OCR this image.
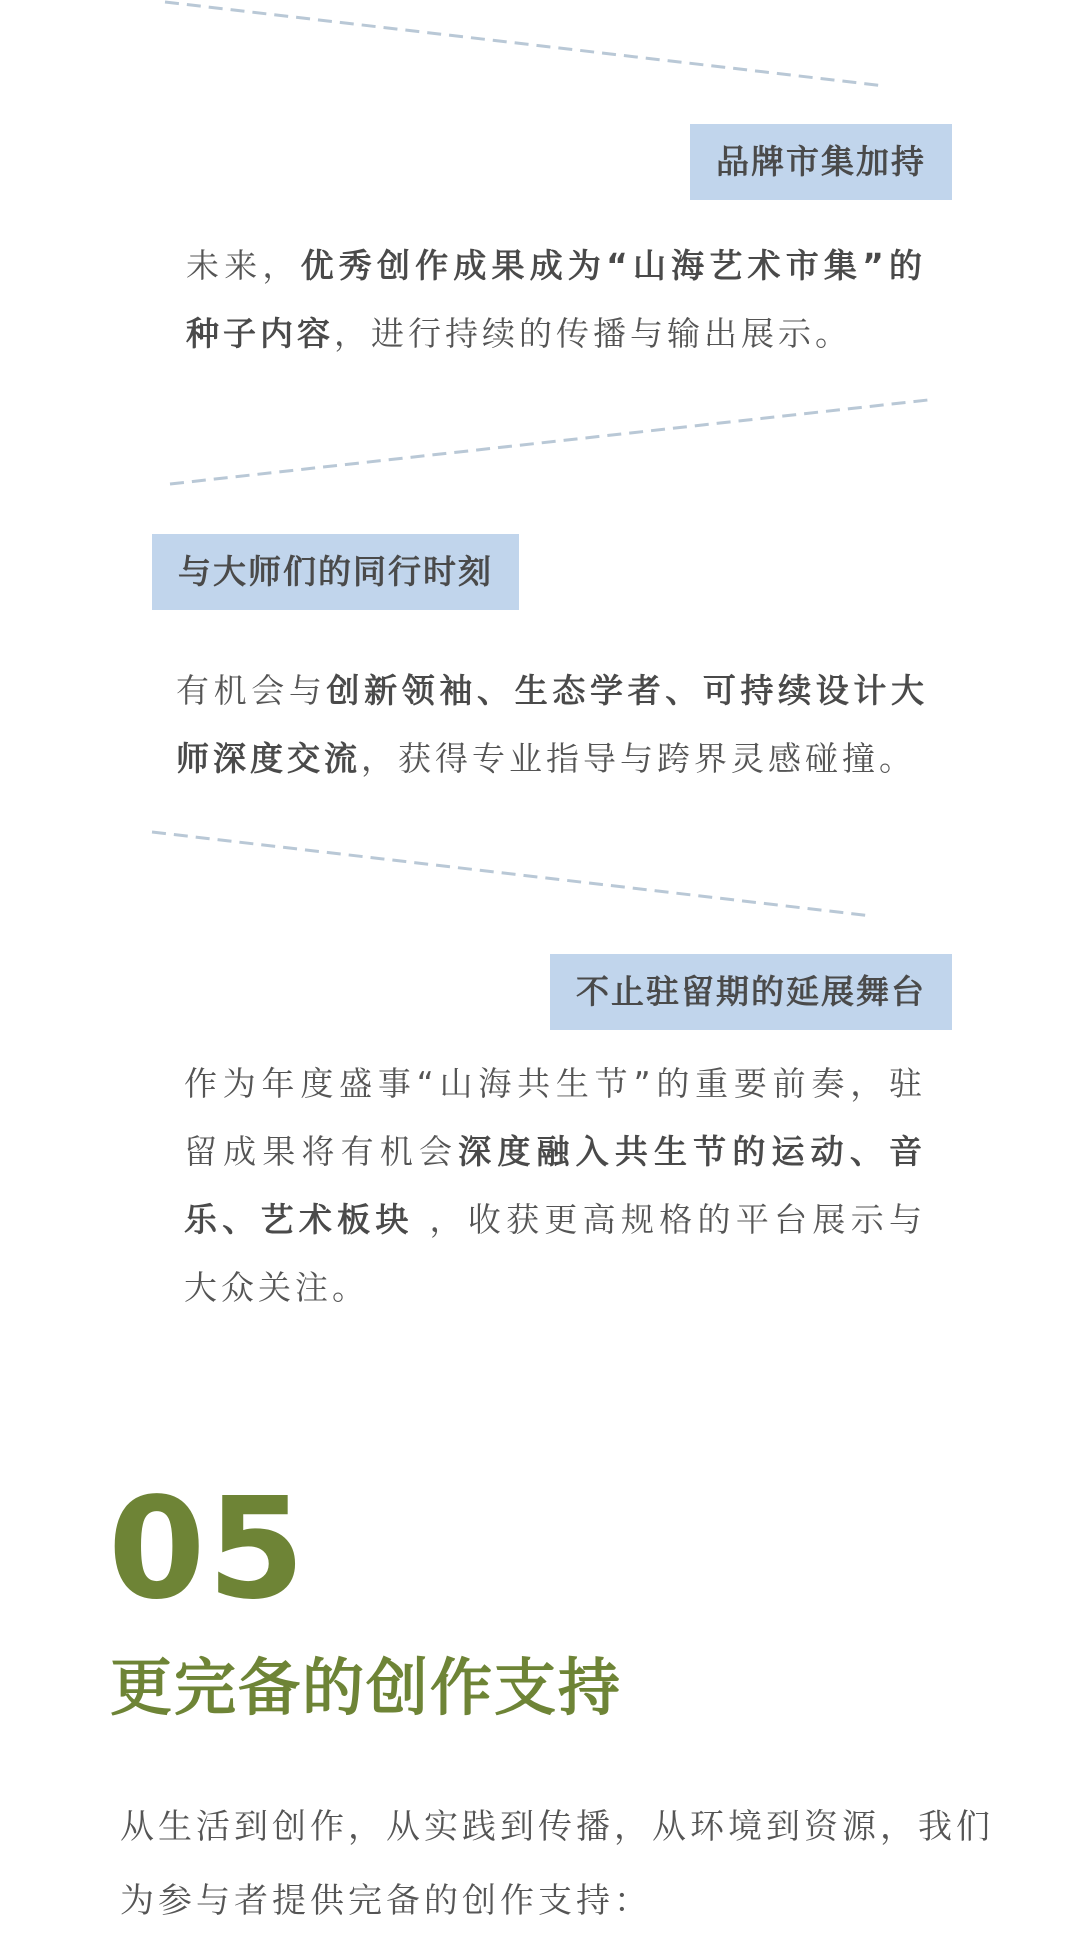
品牌市集加持
未来，优秀创作成果成为“山海艺术市集”的种子内容，进行持续的传播与输出展示。
与大师们的同行时刻
有机会与创新领袖、生态学者、可持续设计大师深度交流，获得专业指导与跨界灵感碰撞。
不止驻留期的延展舞台
作为年度盛事“山海共生节”的重要前奏，驻留成果将有机会深度融入共生节的运动、音乐、艺术板块 ，收获更高规格的平台展示与大众关注。
05
更完备的创作支持
从生活到创作，从实践到传播，从环境到资源，我们为参与者提供完备的创作支持：
